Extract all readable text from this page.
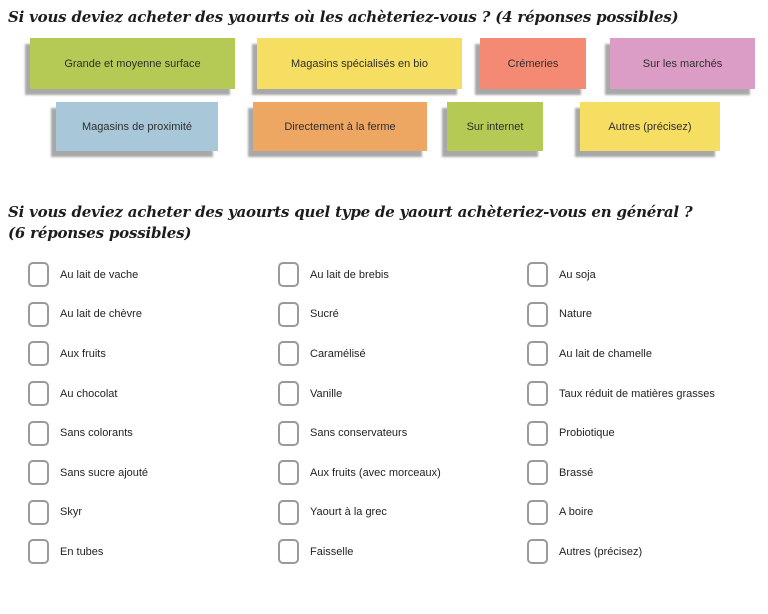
Si vous deviez acheter des yaourts où les achèteriez-vous ? (4 réponses possibles)
Grande et moyenne surface	Magasins spécialisés en bio	Crémeries	Sur les marchés
Magasins de proximité	Directement à la ferme	Sur internet	Autres (précisez)
Si vous deviez acheter des yaourts quel type de yaourt achèteriez-vous en général ? (6 réponses possibles)
Au lait de vache	Au lait de brebis	Au soja
Au lait de chèvre	Sucré	Nature
Aux fruits	Caramélisé	Au lait de chamelle
Au chocolat	Vanille	Taux réduit de matières grasses
Sans colorants	Sans conservateurs	Probiotique
Sans sucre ajouté	Aux fruits (avec morceaux)	Brassé
Skyr	Yaourt à la grec	A boire
En tubes	Faisselle	Autres (précisez)
